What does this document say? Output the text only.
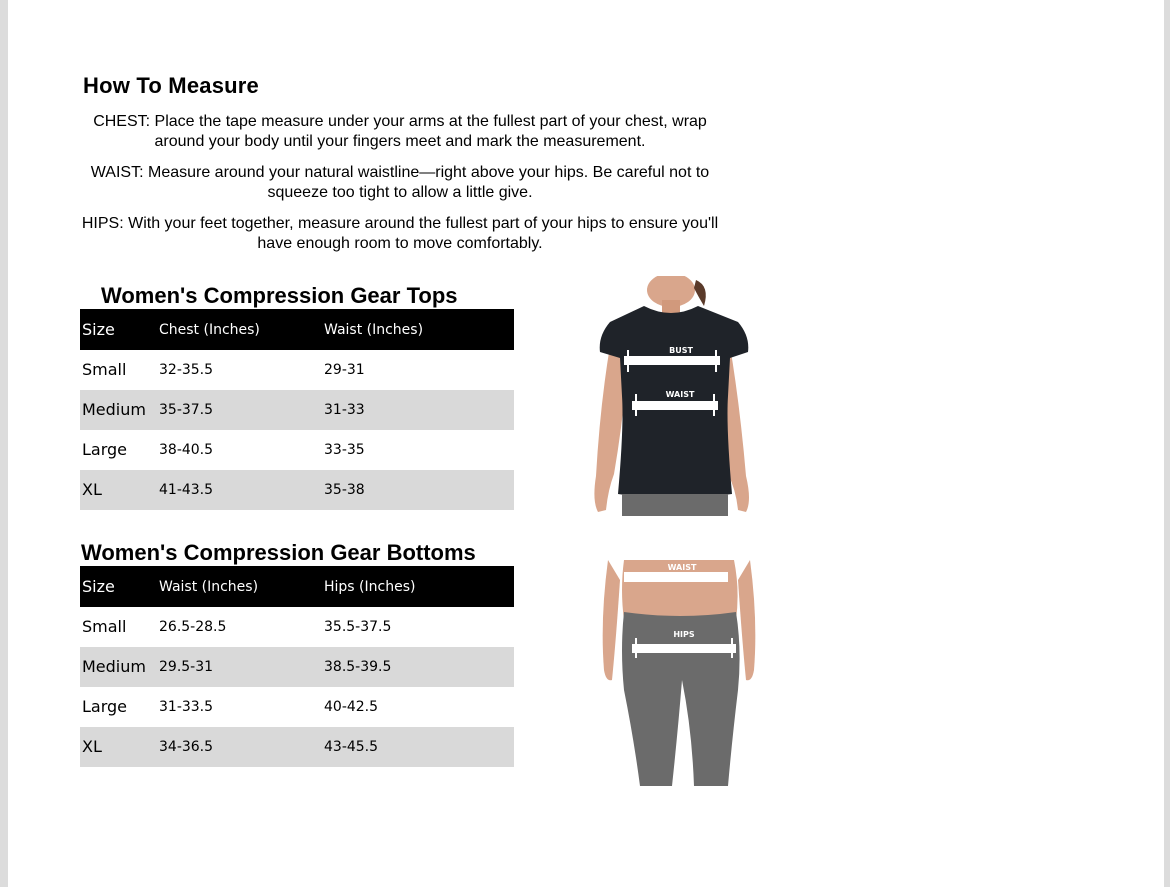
How To Measure

CHEST: Place the tape measure under your arms at the fullest part of your chest, wrap around your body until your fingers meet and mark the measurement.

WAIST: Measure around your natural waistline—right above your hips. Be careful not to squeeze too tight to allow a little give.

HIPS: With your feet together, measure around the fullest part of your hips to ensure you'll have enough room to move comfortably.

Women's Compression Gear Tops
Size	Chest (Inches)	Waist (Inches)
Small 32-35.5	29-31
Medium 35-37.5	31-33
Large 38-40.5	33-35
XL	41-43.5	35-38
Women's Compression Gear Bottoms
Size	Waist (Inches)	Hips (Inches)
Small 26.5-28.5	35.5-37.5
Medium 29.5-31	38.5-39.5
Large 31-33.5	40-42.5
XL	34-36.5	43-45.5
BUST
WAIST
WAIST
HIPS
